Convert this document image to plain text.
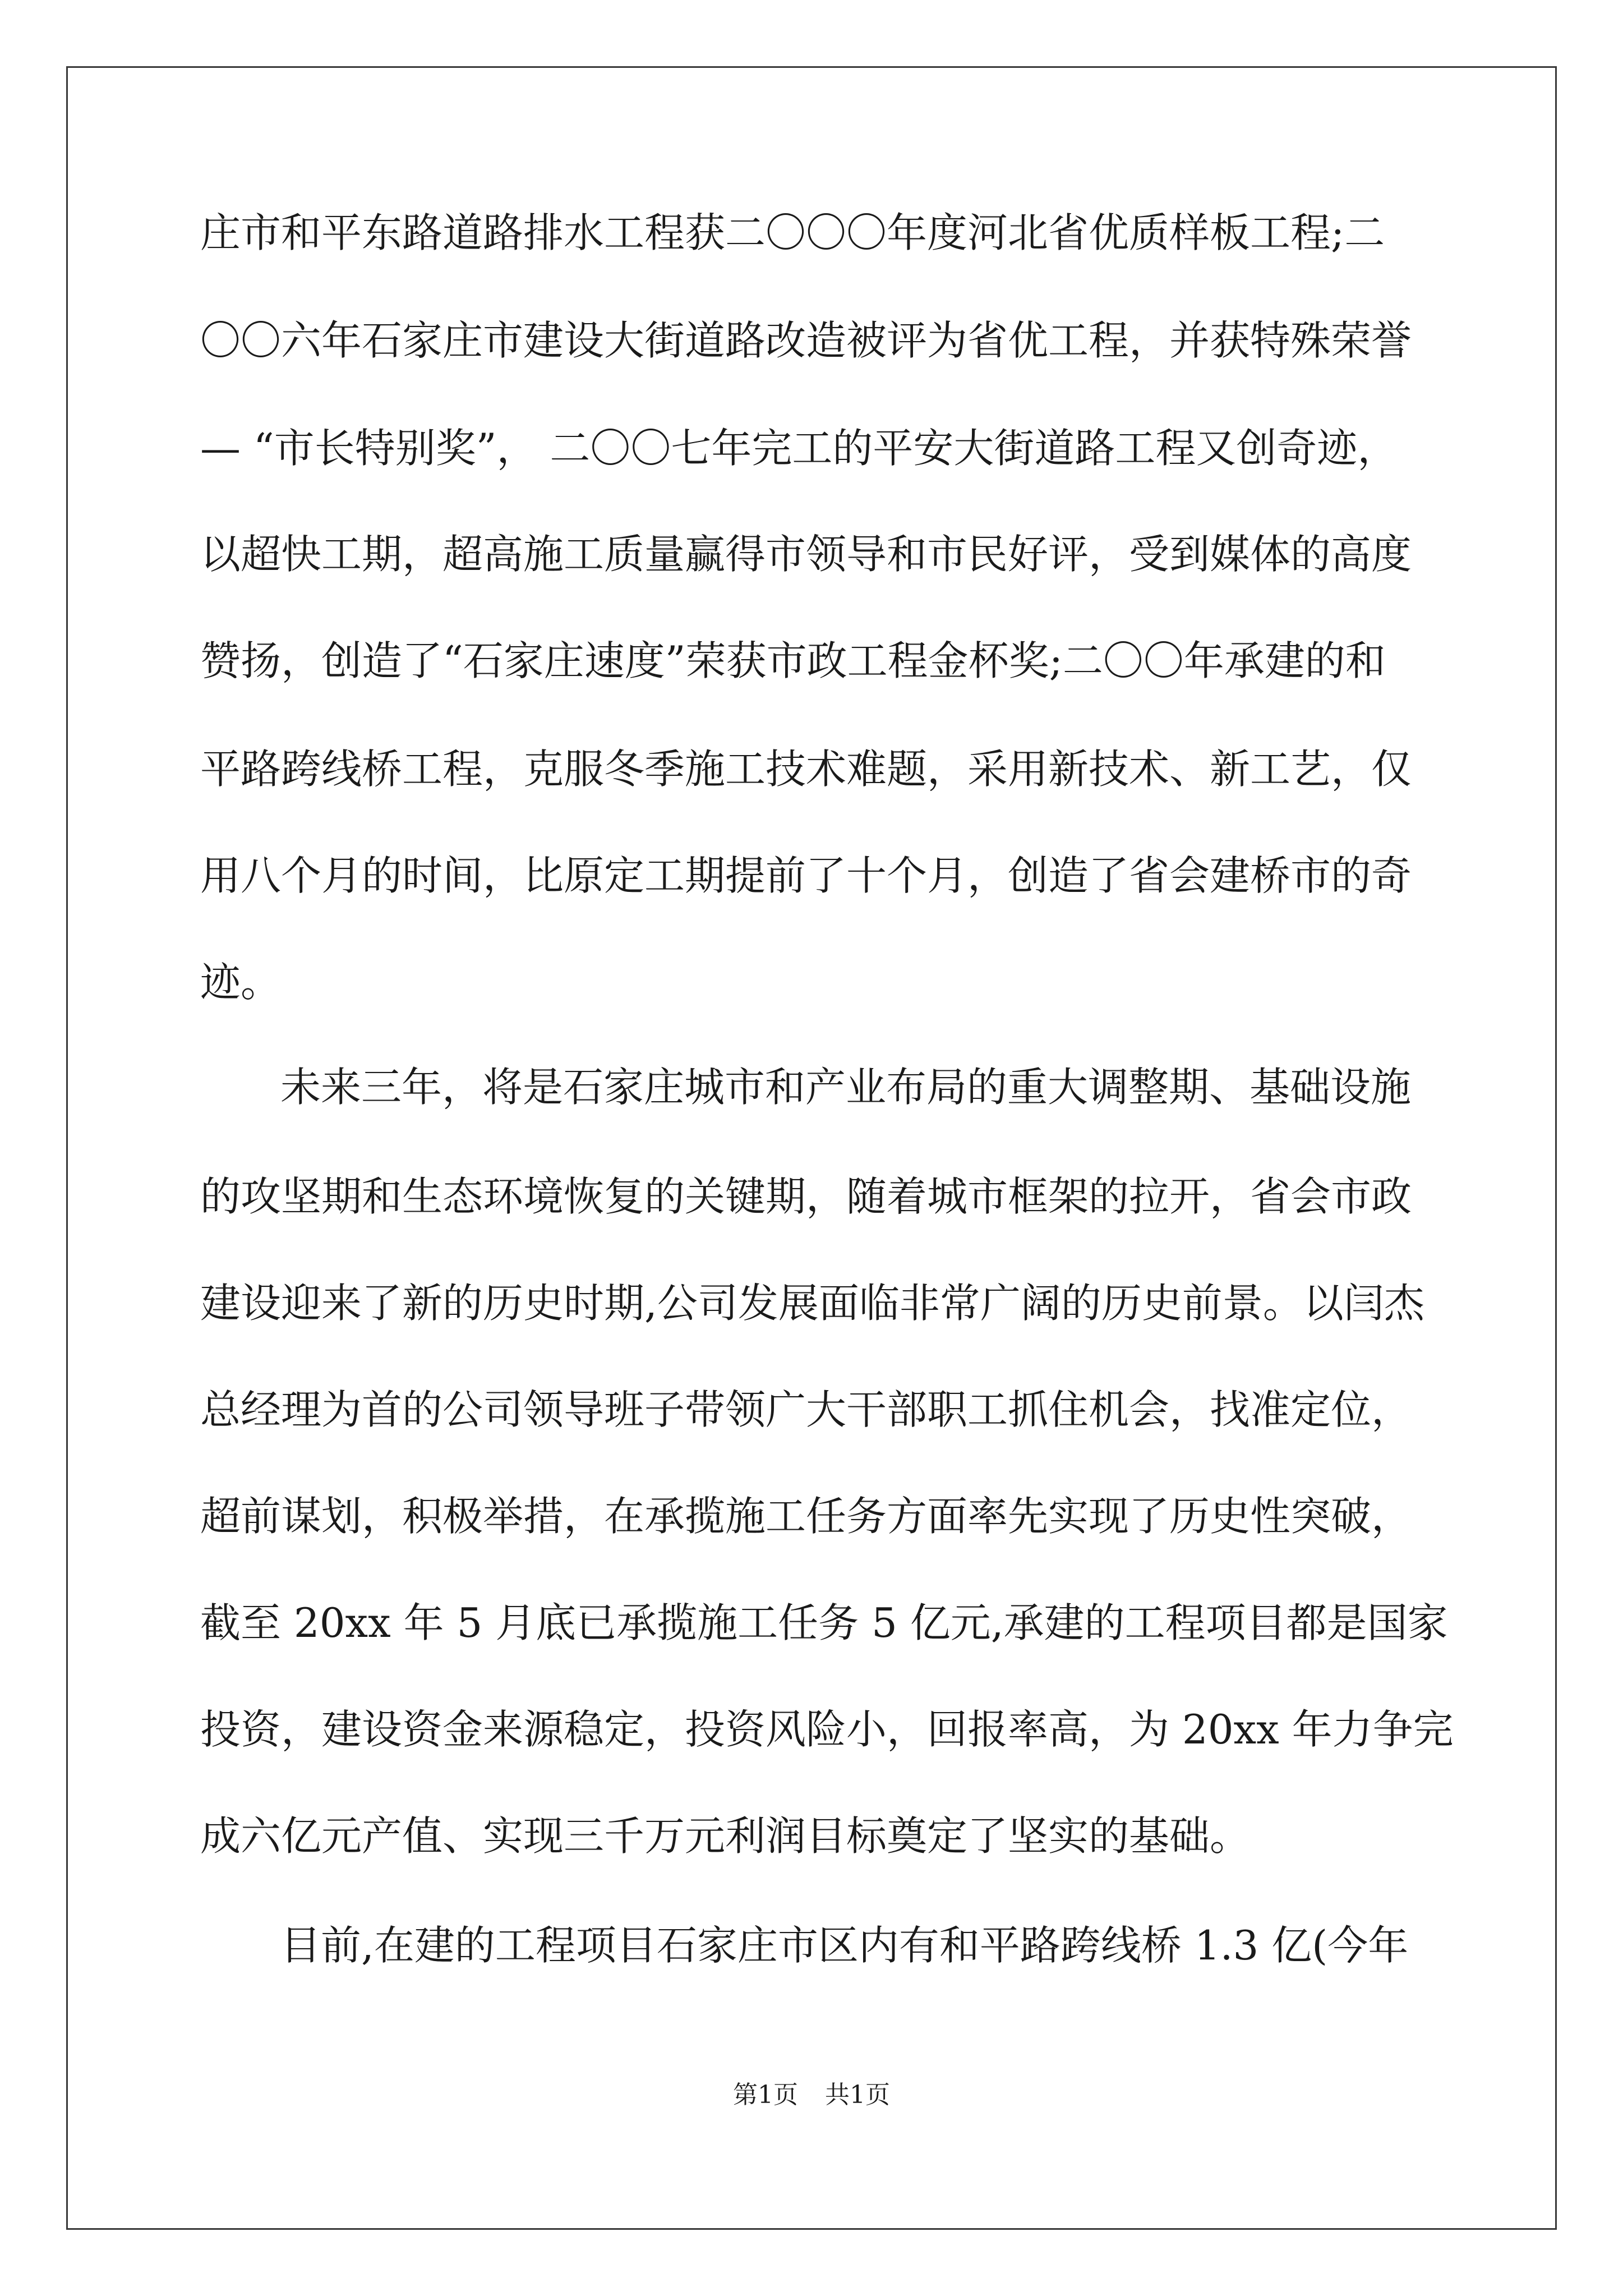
庄市和平东路道路排水工程获二〇〇〇年度河北省优质样板工程;二
〇〇六年石家庄市建设大街道路改造被评为省优工程，并获特殊荣誉
— “市长特别奖”， 二〇〇七年完工的平安大街道路工程又创奇迹，
以超快工期，超高施工质量赢得市领导和市民好评，受到媒体的高度
赞扬，创造了“石家庄速度”荣获市政工程金杯奖;二〇〇年承建的和
平路跨线桥工程，克服冬季施工技术难题，采用新技术、新工艺，仅
用八个月的时间，比原定工期提前了十个月，创造了省会建桥市的奇
迹。
未来三年，将是石家庄城市和产业布局的重大调整期、基础设施
的攻坚期和生态环境恢复的关键期，随着城市框架的拉开，省会市政
建设迎来了新的历史时期,公司发展面临非常广阔的历史前景。以闫杰
总经理为首的公司领导班子带领广大干部职工抓住机会，找准定位，
超前谋划，积极举措，在承揽施工任务方面率先实现了历史性突破，
截至 20xx 年 5 月底已承揽施工任务 5 亿元,承建的工程项目都是国家
投资，建设资金来源稳定，投资风险小，回报率高，为 20xx 年力争完
成六亿元产值、实现三千万元利润目标奠定了坚实的基础。
目前,在建的工程项目石家庄市区内有和平路跨线桥 1.3 亿(今年
第1页 共1页
